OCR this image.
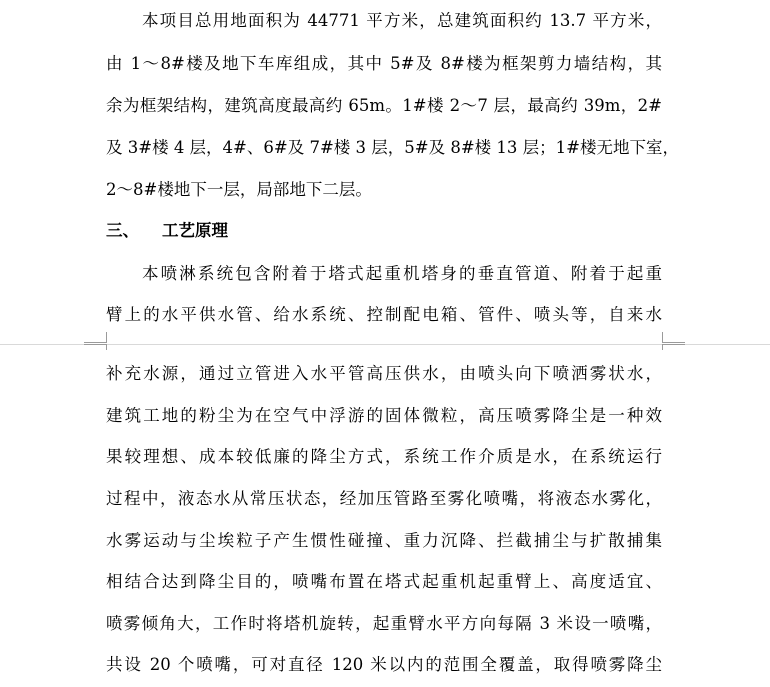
本项目总用地面积为 44771 平方米，总建筑面积约 13.7 平方米，
由 1～8#楼及地下车库组成，其中 5#及 8#楼为框架剪力墙结构，其
余为框架结构，建筑高度最高约 65m。1#楼 2～7 层，最高约 39m，2#
及 3#楼 4 层，4#、6#及 7#楼 3 层，5#及 8#楼 13 层；1#楼无地下室，
2～8#楼地下一层，局部地下二层。
三、 工艺原理
本喷淋系统包含附着于塔式起重机塔身的垂直管道、附着于起重
臂上的水平供水管、给水系统、控制配电箱、管件、喷头等，自来水
补充水源，通过立管进入水平管高压供水，由喷头向下喷洒雾状水，
建筑工地的粉尘为在空气中浮游的固体微粒，高压喷雾降尘是一种效
果较理想、成本较低廉的降尘方式，系统工作介质是水，在系统运行
过程中，液态水从常压状态，经加压管路至雾化喷嘴，将液态水雾化，
水雾运动与尘埃粒子产生惯性碰撞、重力沉降、拦截捕尘与扩散捕集
相结合达到降尘目的，喷嘴布置在塔式起重机起重臂上、高度适宜、
喷雾倾角大，工作时将塔机旋转，起重臂水平方向每隔 3 米设一喷嘴，
共设 20 个喷嘴，可对直径 120 米以内的范围全覆盖，取得喷雾降尘
